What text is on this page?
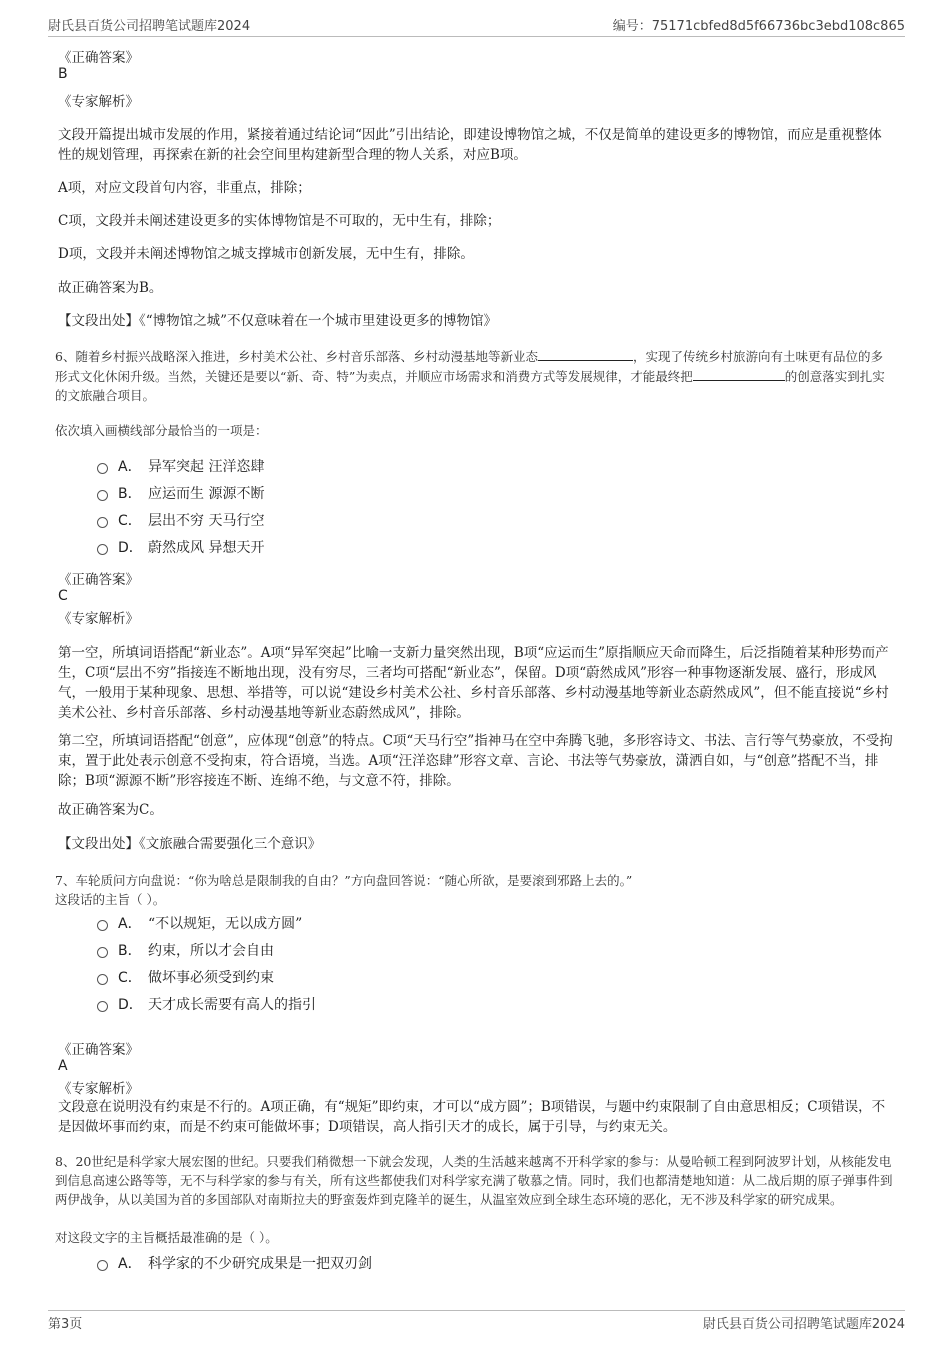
尉氏县百货公司招聘笔试题库2024	编号：75171cbfed8d5f66736bc3ebd108c865
《正确答案》
B
《专家解析》
文段开篇提出城市发展的作用，紧接着通过结论词“因此”引出结论，即建设博物馆之城，不仅是简单的建设更多的博物馆，而应是重视整体性的规划管理，再探索在新的社会空间里构建新型合理的物人关系，对应B项。
A项，对应文段首句内容，非重点，排除；
C项，文段并未阐述建设更多的实体博物馆是不可取的，无中生有，排除；
D项，文段并未阐述博物馆之城支撑城市创新发展，无中生有，排除。
故正确答案为B。
【文段出处】《“博物馆之城”不仅意味着在一个城市里建设更多的博物馆》
6、随着乡村振兴战略深入推进，乡村美术公社、乡村音乐部落、乡村动漫基地等新业态	，实现了传统乡村旅游向有土味更有品位的多形式文化休闲升级。当然，关键还是要以“新、奇、特”为卖点，并顺应市场需求和消费方式等发展规律，才能最终把	的创意落实到扎实的文旅融合项目。
依次填入画横线部分最恰当的一项是：
A． 异军突起 汪洋恣肆
B． 应运而生 源源不断
C． 层出不穷 天马行空
D． 蔚然成风 异想天开
《正确答案》
C
《专家解析》
第一空，所填词语搭配“新业态”。A项“异军突起”比喻一支新力量突然出现，B项“应运而生”原指顺应天命而降生，后泛指随着某种形势而产生，C项“层出不穷”指接连不断地出现，没有穷尽，三者均可搭配“新业态”，保留。D项“蔚然成风”形容一种事物逐渐发展、盛行，形成风气，一般用于某种现象、思想、举措等，可以说“建设乡村美术公社、乡村音乐部落、乡村动漫基地等新业态蔚然成风”，但不能直接说“乡村美术公社、乡村音乐部落、乡村动漫基地等新业态蔚然成风”，排除。
第二空，所填词语搭配“创意”，应体现“创意”的特点。C项“天马行空”指神马在空中奔腾飞驰，多形容诗文、书法、言行等气势豪放，不受拘束，置于此处表示创意不受拘束，符合语境，当选。A项“汪洋恣肆”形容文章、言论、书法等气势豪放，潇洒自如，与“创意”搭配不当，排除；B项“源源不断”形容接连不断、连绵不绝，与文意不符，排除。
故正确答案为C。
【文段出处】《文旅融合需要强化三个意识》
7、车轮质问方向盘说：“你为啥总是限制我的自由？”方向盘回答说：“随心所欲，是要滚到邪路上去的。”
这段话的主旨（ ）。
A． “不以规矩，无以成方圆”
B． 约束，所以才会自由
C． 做坏事必须受到约束
D． 天才成长需要有高人的指引
《正确答案》
A
《专家解析》
文段意在说明没有约束是不行的。A项正确，有“规矩”即约束，才可以“成方圆”；B项错误，与题中约束限制了自由意思相反；C项错误，不是因做坏事而约束，而是不约束可能做坏事；D项错误，高人指引天才的成长，属于引导，与约束无关。
8、20世纪是科学家大展宏图的世纪。只要我们稍微想一下就会发现，人类的生活越来越离不开科学家的参与：从曼哈顿工程到阿波罗计划，从核能发电到信息高速公路等等，无不与科学家的参与有关，所有这些都使我们对科学家充满了敬慕之情。同时，我们也都清楚地知道：从二战后期的原子弹事件到两伊战争，从以美国为首的多国部队对南斯拉夫的野蛮轰炸到克隆羊的诞生，从温室效应到全球生态环境的恶化，无不涉及科学家的研究成果。
对这段文字的主旨概括最准确的是（ ）。
A． 科学家的不少研究成果是一把双刃剑
第3页	尉氏县百货公司招聘笔试题库2024
